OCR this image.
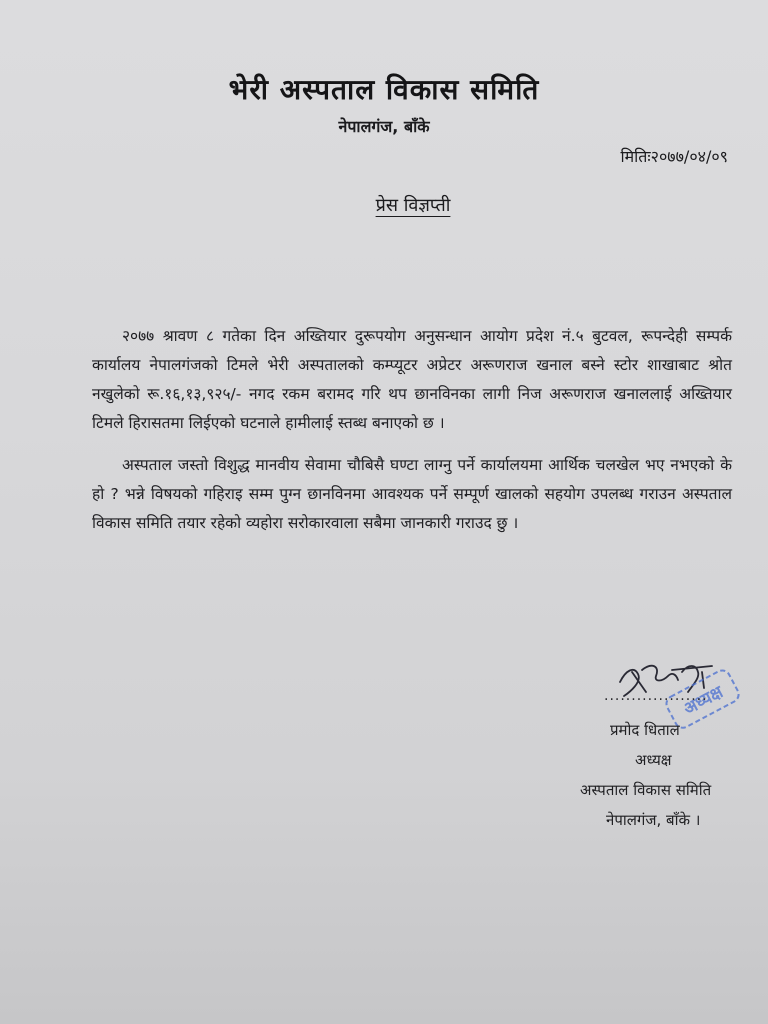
भेरी अस्पताल विकास समिति
नेपालगंज, बाँके
मितिः२०७७/०४/०९
प्रेस विज्ञप्ती

२०७७ श्रावण ८ गतेका दिन अख्तियार दुरूपयोग अनुसन्धान आयोग प्रदेश नं.५ बुटवल, रूपन्देही सम्पर्क कार्यालय नेपालगंजको टिमले भेरी अस्पतालको कम्प्यूटर अप्रेटर अरूणराज खनाल बस्ने स्टोर शाखाबाट श्रोत नखुलेको रू.१६,१३,९२५/- नगद रकम बरामद गरि थप छानविनका लागी निज अरूणराज खनाललाई अख्तियार टिमले हिरासतमा लिईएको घटनाले हामीलाई स्तब्ध बनाएको छ ।

अस्पताल जस्तो विशुद्ध मानवीय सेवामा चौबिसै घण्टा लाग्नु पर्ने कार्यालयमा आर्थिक चलखेल भए नभएको के हो ? भन्ने विषयको गहिराइ सम्म पुग्न छानविनमा आवश्यक पर्ने सम्पूर्ण खालको सहयोग उपलब्ध गराउन अस्पताल विकास समिति तयार रहेको व्यहोरा सरोकारवाला सबैमा जानकारी गराउद छु ।

अध्यक्ष
...................
प्रमोद धिताल
अध्यक्ष
अस्पताल विकास समिति
नेपालगंज, बाँके ।
